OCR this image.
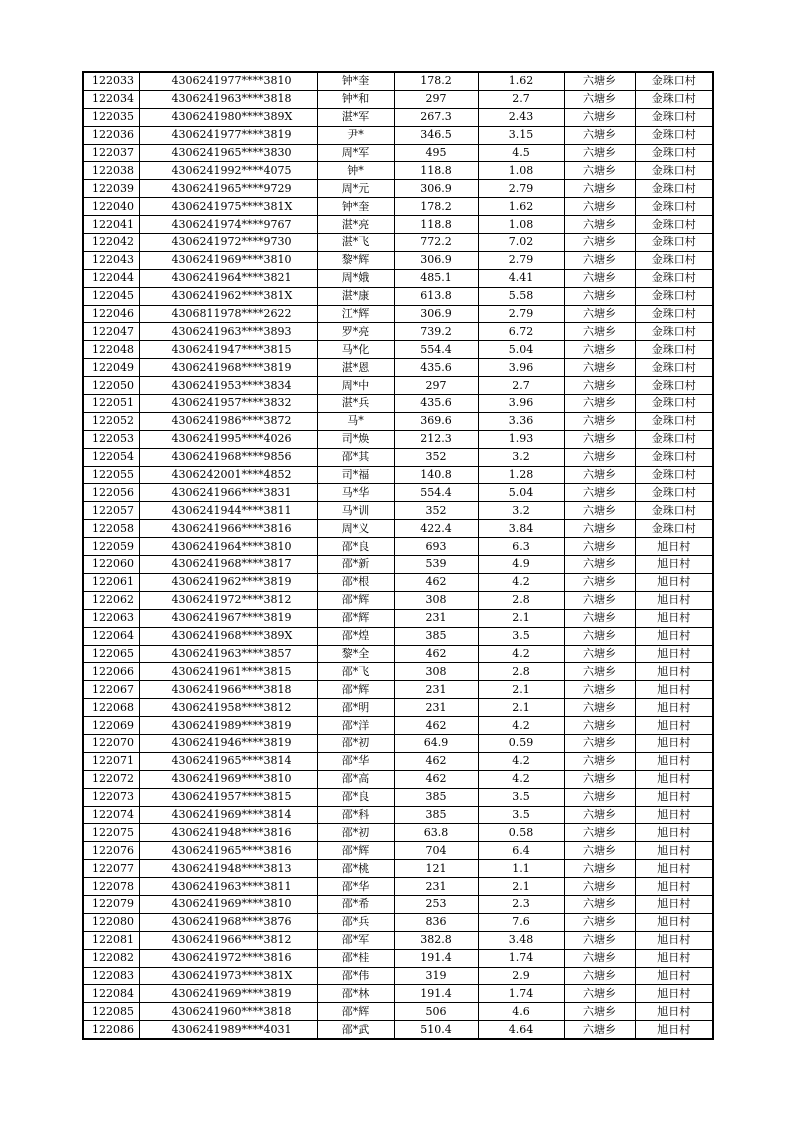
122033	4306241977****3810	钟*奎	178.2	1.62	六塘乡	金珠口村
122034	4306241963****3818	钟*和	297	2.7	六塘乡	金珠口村
122035	4306241980****389X	湛*军	267.3	2.43	六塘乡	金珠口村
122036	4306241977****3819	尹*	346.5	3.15	六塘乡	金珠口村
122037	4306241965****3830	周*军	495	4.5	六塘乡	金珠口村
122038	4306241992****4075	钟*	118.8	1.08	六塘乡	金珠口村
122039	4306241965****9729	周*元	306.9	2.79	六塘乡	金珠口村
122040	4306241975****381X	钟*奎	178.2	1.62	六塘乡	金珠口村
122041	4306241974****9767	湛*亮	118.8	1.08	六塘乡	金珠口村
122042	4306241972****9730	湛*飞	772.2	7.02	六塘乡	金珠口村
122043	4306241969****3810	黎*辉	306.9	2.79	六塘乡	金珠口村
122044	4306241964****3821	周*娥	485.1	4.41	六塘乡	金珠口村
122045	4306241962****381X	湛*康	613.8	5.58	六塘乡	金珠口村
122046	4306811978****2622	江*辉	306.9	2.79	六塘乡	金珠口村
122047	4306241963****3893	罗*亮	739.2	6.72	六塘乡	金珠口村
122048	4306241947****3815	马*化	554.4	5.04	六塘乡	金珠口村
122049	4306241968****3819	湛*恩	435.6	3.96	六塘乡	金珠口村
122050	4306241953****3834	周*中	297	2.7	六塘乡	金珠口村
122051	4306241957****3832	湛*兵	435.6	3.96	六塘乡	金珠口村
122052	4306241986****3872	马*	369.6	3.36	六塘乡	金珠口村
122053	4306241995****4026	司*焕	212.3	1.93	六塘乡	金珠口村
122054	4306241968****9856	邵*其	352	3.2	六塘乡	金珠口村
122055	4306242001****4852	司*福	140.8	1.28	六塘乡	金珠口村
122056	4306241966****3831	马*华	554.4	5.04	六塘乡	金珠口村
122057	4306241944****3811	马*训	352	3.2	六塘乡	金珠口村
122058	4306241966****3816	周*义	422.4	3.84	六塘乡	金珠口村
122059	4306241964****3810	邵*良	693	6.3	六塘乡	旭日村
122060	4306241968****3817	邵*新	539	4.9	六塘乡	旭日村
122061	4306241962****3819	邵*根	462	4.2	六塘乡	旭日村
122062	4306241972****3812	邵*辉	308	2.8	六塘乡	旭日村
122063	4306241967****3819	邵*辉	231	2.1	六塘乡	旭日村
122064	4306241968****389X	邵*煌	385	3.5	六塘乡	旭日村
122065	4306241963****3857	黎*全	462	4.2	六塘乡	旭日村
122066	4306241961****3815	邵*飞	308	2.8	六塘乡	旭日村
122067	4306241966****3818	邵*辉	231	2.1	六塘乡	旭日村
122068	4306241958****3812	邵*明	231	2.1	六塘乡	旭日村
122069	4306241989****3819	邵*洋	462	4.2	六塘乡	旭日村
122070	4306241946****3819	邵*初	64.9	0.59	六塘乡	旭日村
122071	4306241965****3814	邵*华	462	4.2	六塘乡	旭日村
122072	4306241969****3810	邵*高	462	4.2	六塘乡	旭日村
122073	4306241957****3815	邵*良	385	3.5	六塘乡	旭日村
122074	4306241969****3814	邵*科	385	3.5	六塘乡	旭日村
122075	4306241948****3816	邵*初	63.8	0.58	六塘乡	旭日村
122076	4306241965****3816	邵*辉	704	6.4	六塘乡	旭日村
122077	4306241948****3813	邵*桃	121	1.1	六塘乡	旭日村
122078	4306241963****3811	邵*华	231	2.1	六塘乡	旭日村
122079	4306241969****3810	邵*希	253	2.3	六塘乡	旭日村
122080	4306241968****3876	邵*兵	836	7.6	六塘乡	旭日村
122081	4306241966****3812	邵*军	382.8	3.48	六塘乡	旭日村
122082	4306241972****3816	邵*桂	191.4	1.74	六塘乡	旭日村
122083	4306241973****381X	邵*伟	319	2.9	六塘乡	旭日村
122084	4306241969****3819	邵*林	191.4	1.74	六塘乡	旭日村
122085	4306241960****3818	邵*辉	506	4.6	六塘乡	旭日村
122086	4306241989****4031	邵*武	510.4	4.64	六塘乡	旭日村
